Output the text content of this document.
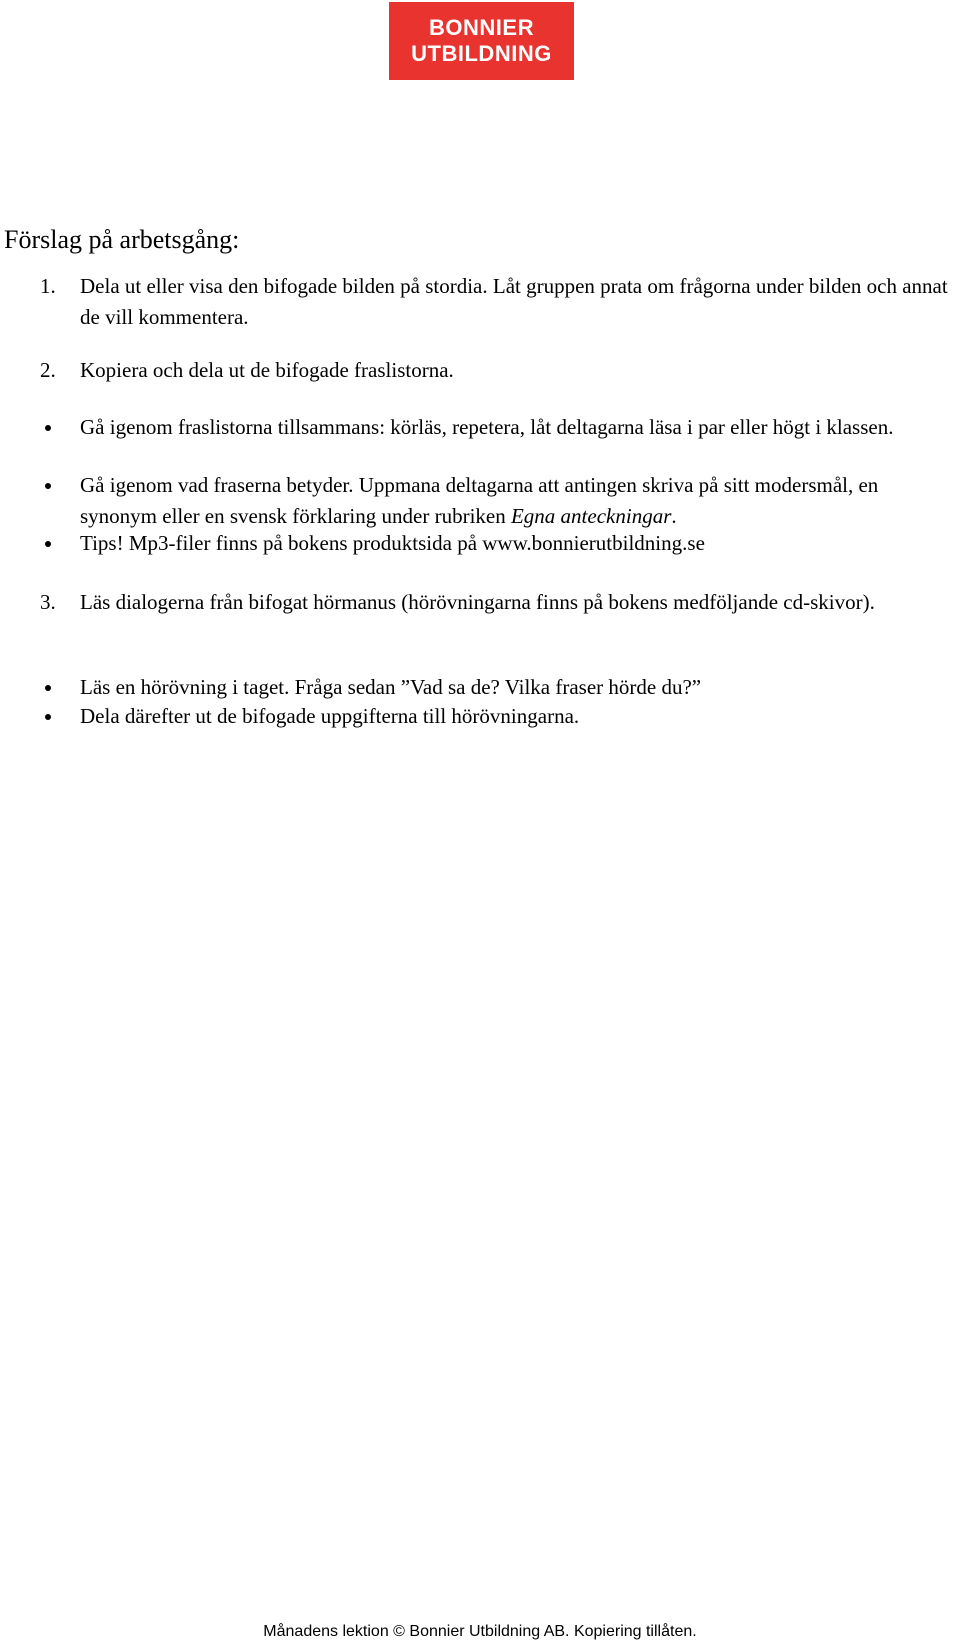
BONNIER
UTBILDNING
Förslag på arbetsgång:
1.	Dela ut eller visa den bifogade bilden på stordia. Låt gruppen prata om frågorna under bilden och annat de vill kommentera.
2.	Kopiera och dela ut de bifogade fraslistorna.
Gå igenom fraslistorna tillsammans: körläs, repetera, låt deltagarna läsa i par eller högt i klassen.
Gå igenom vad fraserna betyder. Uppmana deltagarna att antingen skriva på sitt modersmål, en synonym eller en svensk förklaring under rubriken Egna anteckningar.
Tips! Mp3-filer finns på bokens produktsida på www.bonnierutbildning.se
3.	Läs dialogerna från bifogat hörmanus (hörövningarna finns på bokens medföljande cd-skivor).
Läs en hörövning i taget. Fråga sedan ”Vad sa de? Vilka fraser hörde du?”
Dela därefter ut de bifogade uppgifterna till hörövningarna.
Månadens lektion © Bonnier Utbildning AB. Kopiering tillåten.
